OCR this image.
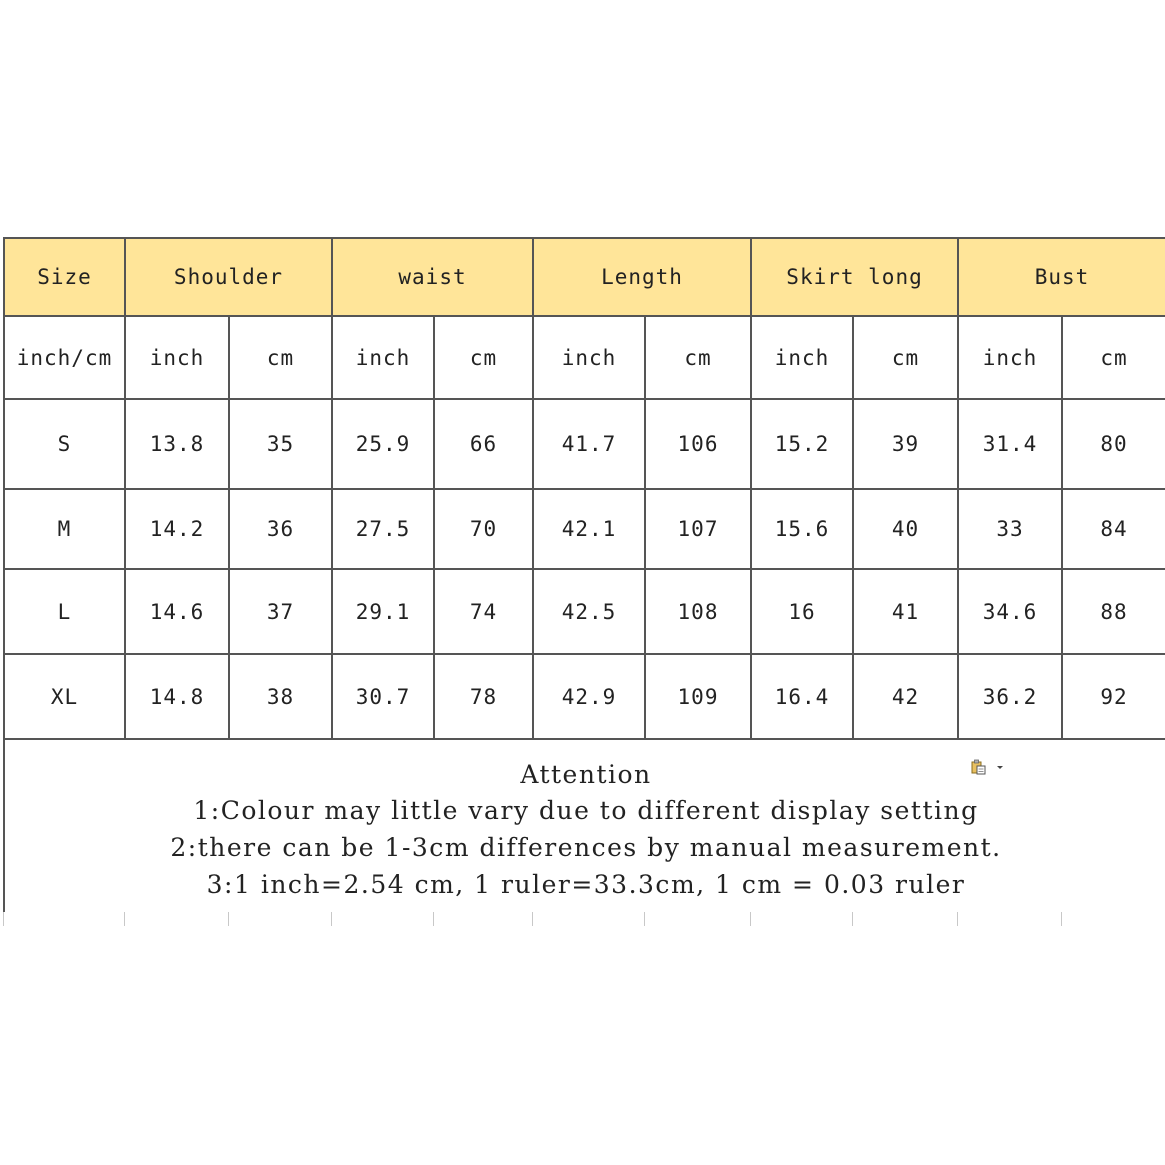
Size	Shoulder		waist		Length		Skirt long		Bust	
inch/cm	inch	cm	inch	cm	inch	cm	inch	cm	inch	cm
S	13.8	35	25.9	66	41.7	106	15.2	39	31.4	80
M	14.2	36	27.5	70	42.1	107	15.6	40	33	84
L	14.6	37	29.1	74	42.5	108	16	41	34.6	88
XL	14.8	38	30.7	78	42.9	109	16.4	42	36.2	92
Attention
1:Colour may little vary due to different display setting
2:there can be 1-3cm differences by manual measurement.
3:1 inch=2.54 cm, 1 ruler=33.3cm, 1 cm = 0.03 ruler
